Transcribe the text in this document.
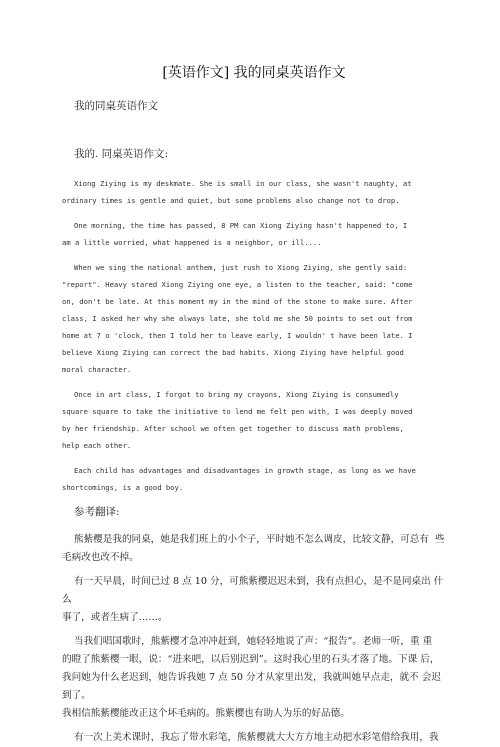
[英语作文] 我的同桌英语作文
我的同桌英语作文
我的. 同桌英语作文:
Xiong Ziying is my deskmate. She is small in our class, she wasn't naughty, at
ordinary times is gentle and quiet, but some problems also change not to drop.
One morning, the time has passed, 8 PM can Xiong Ziying hasn't happened to, I
am a little worried, what happened is a neighbor, or ill....
When we sing the national anthem, just rush to Xiong Ziying, she gently said:
"report". Heavy stared Xiong Ziying one eye, a listen to the teacher, said: "come
on, don't be late. At this moment my in the mind of the stone to make sure. After
class, I asked her why she always late, she told me she 50 points to set out from
home at 7 o 'clock, then I told her to leave early, I wouldn' t have been late. I
believe Xiong Ziying can correct the bad habits. Xiong Ziying have helpful good
moral character.
Once in art class, I forgot to bring my crayons, Xiong Ziying is consumedly
square square to take the initiative to lend me felt pen with, I was deeply moved
by her friendship. After school we often get together to discuss math problems,
help each other.
Each child has advantages and disadvantages in growth stage, as long as we have
shortcomings, is a good boy.
参考翻译:
熊紫樱是我的同桌，她是我们班上的小个子，平时她不怎么调皮，比较文静，可总有  些
毛病改也改不掉。
有一天早晨，时间已过 8 点 10 分，可熊紫樱迟迟未到，我有点担心，是不是同桌出 什么
事了，或者生病了……。
当我们唱国歌时，熊紫樱才急冲冲赶到，她轻轻地说了声：“报告”。老师一听，重 重
的瞪了熊紫樱一眼，说：“进来吧，以后别迟到”。这时我心里的石头才落了地。下课 后，
我问她为什么老迟到，她告诉我她 7 点 50 分才从家里出发，我就叫她早点走，就不 会迟到了。
我相信熊紫樱能改正这个坏毛病的。熊紫樱也有助人为乐的好品德。
有一次上美术课时，我忘了带水彩笔，熊紫樱就大大方方地主动把水彩笔借给我用，我
